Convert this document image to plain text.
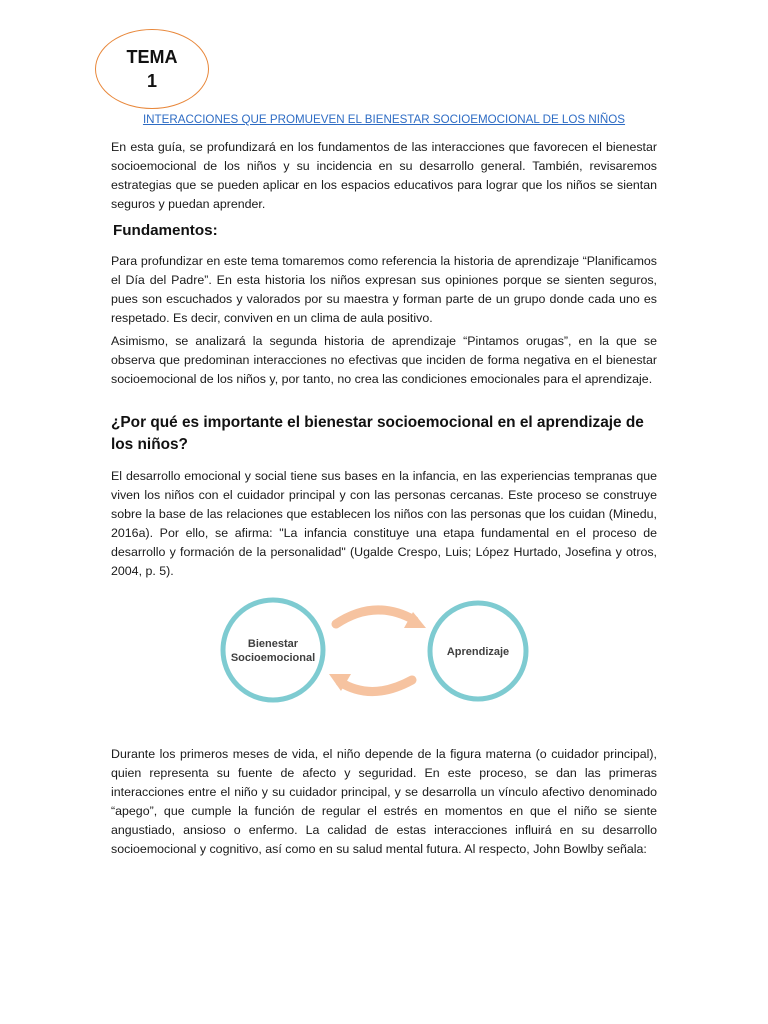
TEMA
1
INTERACCIONES QUE PROMUEVEN EL BIENESTAR SOCIOEMOCIONAL DE LOS NIÑOS
En esta guía, se profundizará en los fundamentos de las interacciones que favorecen el bienestar socioemocional de los niños y su incidencia en su desarrollo general. También, revisaremos estrategias que se pueden aplicar en los espacios educativos para lograr que los niños se sientan seguros y puedan aprender.
Fundamentos:
Para profundizar en este tema tomaremos como referencia la historia de aprendizaje “Planificamos el Día del Padre”. En esta historia los niños expresan sus opiniones porque se sienten seguros, pues son escuchados y valorados por su maestra y forman parte de un grupo donde cada uno es respetado. Es decir, conviven en un clima de aula positivo.
Asimismo, se analizará la segunda historia de aprendizaje “Pintamos orugas”, en la que se observa que predominan interacciones no efectivas que inciden de forma negativa en el bienestar socioemocional de los niños y, por tanto, no crea las condiciones emocionales para el aprendizaje.
¿Por qué es importante el bienestar socioemocional en el aprendizaje de los niños?
El desarrollo emocional y social tiene sus bases en la infancia, en las experiencias tempranas que viven los niños con el cuidador principal y con las personas cercanas. Este proceso se construye sobre la base de las relaciones que establecen los niños con las personas que los cuidan (Minedu, 2016a). Por ello, se afirma: "La infancia constituye una etapa fundamental en el proceso de desarrollo y formación de la personalidad" (Ugalde Crespo, Luis; López Hurtado, Josefina y otros, 2004, p. 5).
Bienestar
Socioemocional	Aprendizaje
Durante los primeros meses de vida, el niño depende de la figura materna (o cuidador principal), quien representa su fuente de afecto y seguridad. En este proceso, se dan las primeras interacciones entre el niño y su cuidador principal, y se desarrolla un vínculo afectivo denominado “apego”, que cumple la función de regular el estrés en momentos en que el niño se siente angustiado, ansioso o enfermo. La calidad de estas interacciones influirá en su desarrollo socioemocional y cognitivo, así como en su salud mental futura. Al respecto, John Bowlby señala:
